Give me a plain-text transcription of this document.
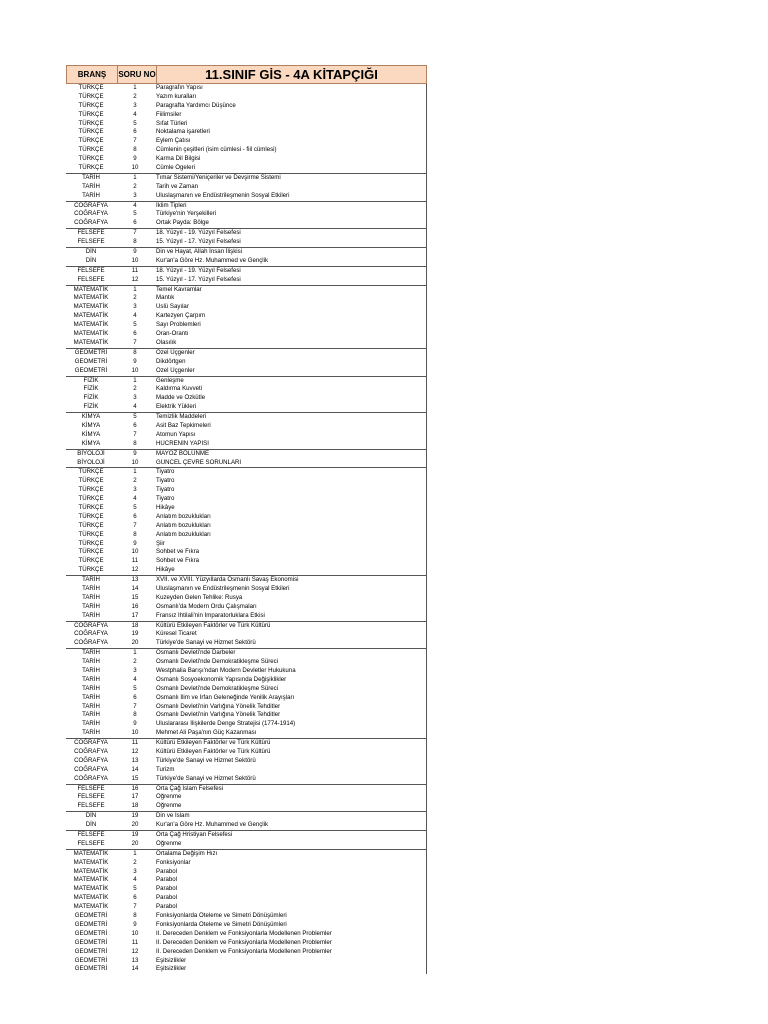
BRANŞ	SORU NO	11.SINIF GİS - 4A KİTAPÇIĞI
TÜRKÇE	1	Paragrafın Yapısı
TÜRKÇE	2	Yazım kuralları
TÜRKÇE	3	Paragrafta Yardımcı Düşünce
TÜRKÇE	4	Fiilimsiler
TÜRKÇE	5	Sıfat Türleri
TÜRKÇE	6	Noktalama işaretleri
TÜRKÇE	7	Eylem Çatısı
TÜRKÇE	8	Cümlenin çeşitleri (isim cümlesi - fiil cümlesi)
TÜRKÇE	9	Karma Dil Bilgisi
TÜRKÇE	10	Cümle Ögeleri
TARİH	1	Tımar Sistemi/Yeniçeriler ve Devşirme Sistemi
TARİH	2	Tarih ve Zaman
TARİH	3	Uluslaşmanın ve Endüstrileşmenin Sosyal Etkileri
COĞRAFYA	4	İklim Tipleri
COĞRAFYA	5	Türkiye'nin Yerşekilleri
COĞRAFYA	6	Ortak Payda: Bölge
FELSEFE	7	18. Yüzyıl - 19. Yüzyıl Felsefesi
FELSEFE	8	15. Yüzyıl - 17. Yüzyıl Felsefesi
DİN	9	Din ve Hayat, Allah İnsan İlişkisi
DİN	10	Kur'an'a Göre Hz. Muhammed ve Gençlik
FELSEFE	11	18. Yüzyıl - 19. Yüzyıl Felsefesi
FELSEFE	12	15. Yüzyıl - 17. Yüzyıl Felsefesi
MATEMATİK	1	Temel Kavramlar
MATEMATİK	2	Mantık
MATEMATİK	3	Üslü Sayılar
MATEMATİK	4	Kartezyen Çarpım
MATEMATİK	5	Sayı Problemleri
MATEMATİK	6	Oran-Orantı
MATEMATİK	7	Olasılık
GEOMETRİ	8	Özel Üçgenler
GEOMETRİ	9	Dikdörtgen
GEOMETRİ	10	Özel Üçgenler
FİZİK	1	Genleşme
FİZİK	2	Kaldırma Kuvveti
FİZİK	3	Madde ve Özkütle
FİZİK	4	Elektrik Yükleri
KİMYA	5	Temizlik Maddeleri
KİMYA	6	Asit Baz Tepkimeleri
KİMYA	7	Atomun Yapısı
KİMYA	8	HÜCRENİN YAPISI
BİYOLOJİ	9	MAYOZ BÖLÜNME
BİYOLOJİ	10	GÜNCEL ÇEVRE SORUNLARI
TÜRKÇE	1	Tiyatro
TÜRKÇE	2	Tiyatro
TÜRKÇE	3	Tiyatro
TÜRKÇE	4	Tiyatro
TÜRKÇE	5	Hikâye
TÜRKÇE	6	Anlatım bozuklukları
TÜRKÇE	7	Anlatım bozuklukları
TÜRKÇE	8	Anlatım bozuklukları
TÜRKÇE	9	Şiir
TÜRKÇE	10	Sohbet ve Fıkra
TÜRKÇE	11	Sohbet ve Fıkra
TÜRKÇE	12	Hikâye
TARİH	13	XVII. ve XVIII. Yüzyıllarda Osmanlı Savaş Ekonomisi
TARİH	14	Uluslaşmanın ve Endüstrileşmenin Sosyal Etkileri
TARİH	15	Kuzeyden Gelen Tehlike: Rusya
TARİH	16	Osmanlı'da Modern Ordu Çalışmaları
TARİH	17	Fransız İhtilali'nin İmparatorluklara Etkisi
COĞRAFYA	18	Kültürü Etkileyen Faktörler ve Türk Kültürü
COĞRAFYA	19	Küresel Ticaret
COĞRAFYA	20	Türkiye'de Sanayi ve Hizmet Sektörü
TARİH	1	Osmanlı Devleti'nde Darbeler
TARİH	2	Osmanlı Devleti'nde Demokratikleşme Süreci
TARİH	3	Westphalia Barışı'ndan Modern Devletler Hukukuna
TARİH	4	Osmanlı Sosyoekonomik Yapısında Değişiklikler
TARİH	5	Osmanlı Devleti'nde Demokratikleşme Süreci
TARİH	6	Osmanlı İlim ve İrfan Geleneğinde Yenilik Arayışları
TARİH	7	Osmanlı Devleti'nin Varlığına Yönelik Tehditler
TARİH	8	Osmanlı Devleti'nin Varlığına Yönelik Tehditler
TARİH	9	Uluslararası İlişkilerde Denge Stratejisi (1774-1914)
TARİH	10	Mehmet Ali Paşa'nın Güç Kazanması
COĞRAFYA	11	Kültürü Etkileyen Faktörler ve Türk Kültürü
COĞRAFYA	12	Kültürü Etkileyen Faktörler ve Türk Kültürü
COĞRAFYA	13	Türkiye'de Sanayi ve Hizmet Sektörü
COĞRAFYA	14	Turizm
COĞRAFYA	15	Türkiye'de Sanayi ve Hizmet Sektörü
FELSEFE	16	Orta Çağ İslam Felsefesi
FELSEFE	17	Öğrenme
FELSEFE	18	Öğrenme
DİN	19	Din ve İslam
DİN	20	Kur'an'a Göre Hz. Muhammed ve Gençlik
FELSEFE	19	Orta Çağ Hristiyan Felsefesi
FELSEFE	20	Öğrenme
MATEMATİK	1	Ortalama Değişim Hızı
MATEMATİK	2	Fonksiyonlar
MATEMATİK	3	Parabol
MATEMATİK	4	Parabol
MATEMATİK	5	Parabol
MATEMATİK	6	Parabol
MATEMATİK	7	Parabol
GEOMETRİ	8	Fonksiyonlarda Öteleme ve Simetri Dönüşümleri
GEOMETRİ	9	Fonksiyonlarda Öteleme ve Simetri Dönüşümleri
GEOMETRİ	10	II. Dereceden Denklem ve Fonksiyonlarla Modellenen Problemler
GEOMETRİ	11	II. Dereceden Denklem ve Fonksiyonlarla Modellenen Problemler
GEOMETRİ	12	II. Dereceden Denklem ve Fonksiyonlarla Modellenen Problemler
GEOMETRİ	13	Eşitsizlikler
GEOMETRİ	14	Eşitsizlikler
